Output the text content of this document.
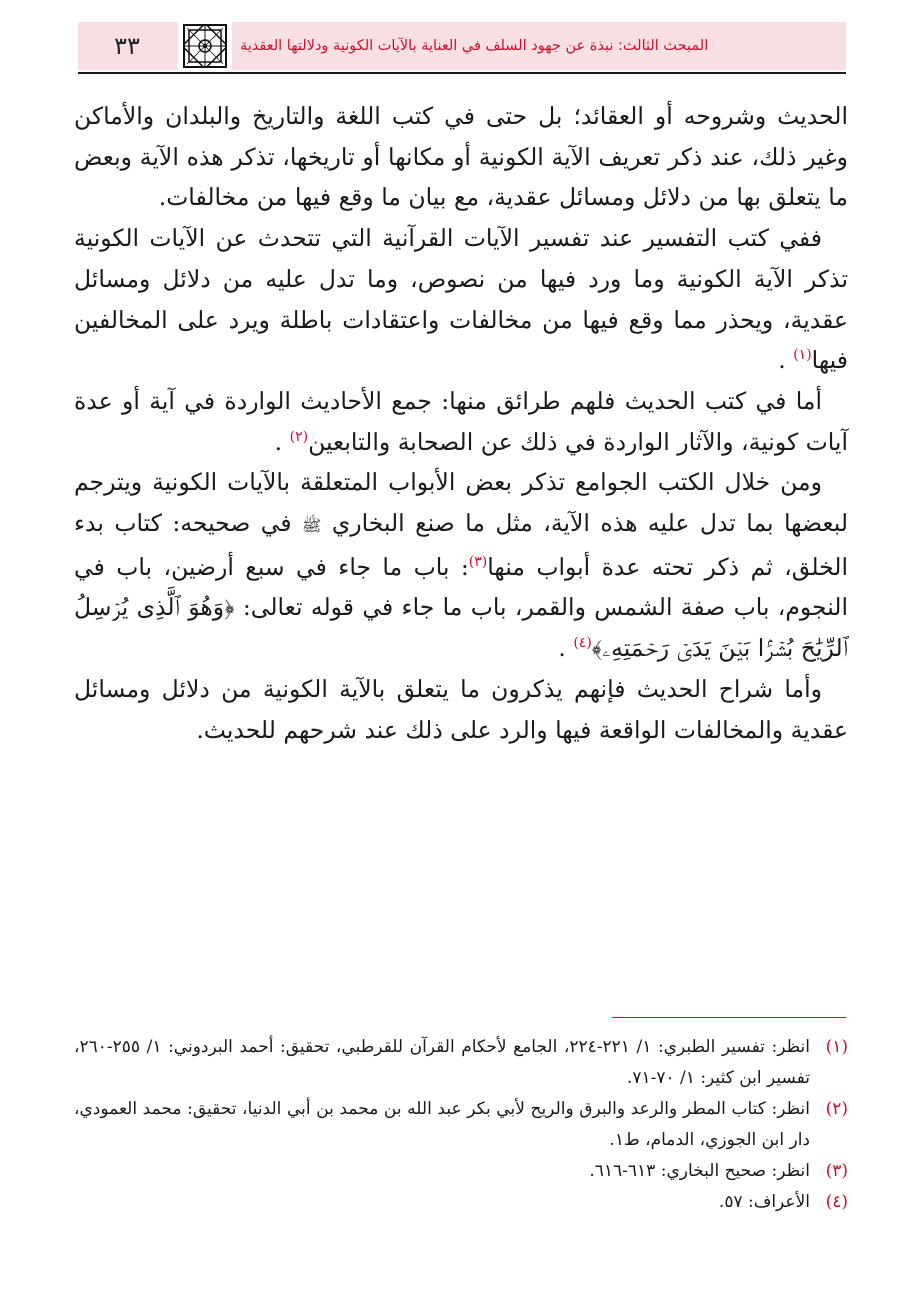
٣٣	المبحث الثالث: نبذة عن جهود السلف في العناية بالآيات الكونية ودلالتها العقدية

الحديث وشروحه أو العقائد؛ بل حتى في كتب اللغة والتاريخ والبلدان والأماكن وغير ذلك، عند ذكر تعريف الآية الكونية أو مكانها أو تاريخها، تذكر هذه الآية وبعض ما يتعلق بها من دلائل ومسائل عقدية، مع بيان ما وقع فيها من مخالفات.

ففي كتب التفسير عند تفسير الآيات القرآنية التي تتحدث عن الآيات الكونية تذكر الآية الكونية وما ورد فيها من نصوص، وما تدل عليه من دلائل ومسائل عقدية، ويحذر مما وقع فيها من مخالفات واعتقادات باطلة ويرد على المخالفين فيها$^{(١)}$ .

أما في كتب الحديث فلهم طرائق منها: جمع الأحاديث الواردة في آية أو عدة آيات كونية، والآثار الواردة في ذلك عن الصحابة والتابعين$^{(٢)}$ .

ومن خلال الكتب الجوامع تذكر بعض الأبواب المتعلقة بالآيات الكونية ويترجم لبعضها بما تدل عليه هذه الآية، مثل ما صنع البخاري ﷺ في صحيحه: كتاب بدء الخلق، ثم ذكر تحته عدة أبواب منها$^{(٣)}$: باب ما جاء في سبع أرضين، باب في النجوم، باب صفة الشمس والقمر، باب ما جاء في قوله تعالى: ﴿وَهُوَ ٱلَّذِى يُرۡسِلُ ٱلرِّيَٰحَ بُشۡرَۢا بَيۡنَ يَدَىۡ رَحۡمَتِهِۦ﴾$^{(٤)}$ .

وأما شراح الحديث فإنهم يذكرون ما يتعلق بالآية الكونية من دلائل ومسائل عقدية والمخالفات الواقعة فيها والرد على ذلك عند شرحهم للحديث.

(١)
انظر: تفسير الطبري: ١/ ٢٢١-٢٢٤، الجامع لأحكام القرآن للقرطبي، تحقيق: أحمد البردوني: ١/ ٢٥٥-٢٦٠، تفسير ابن كثير: ١/ ٧٠-٧١.

(٢)
انظر: كتاب المطر والرعد والبرق والريح لأبي بكر عبد الله بن محمد بن أبي الدنيا، تحقيق: محمد العمودي، دار ابن الجوزي، الدمام، ط١.

(٣)
انظر: صحيح البخاري: ٦١٣-٦١٦.

(٤)
الأعراف: ٥٧.
